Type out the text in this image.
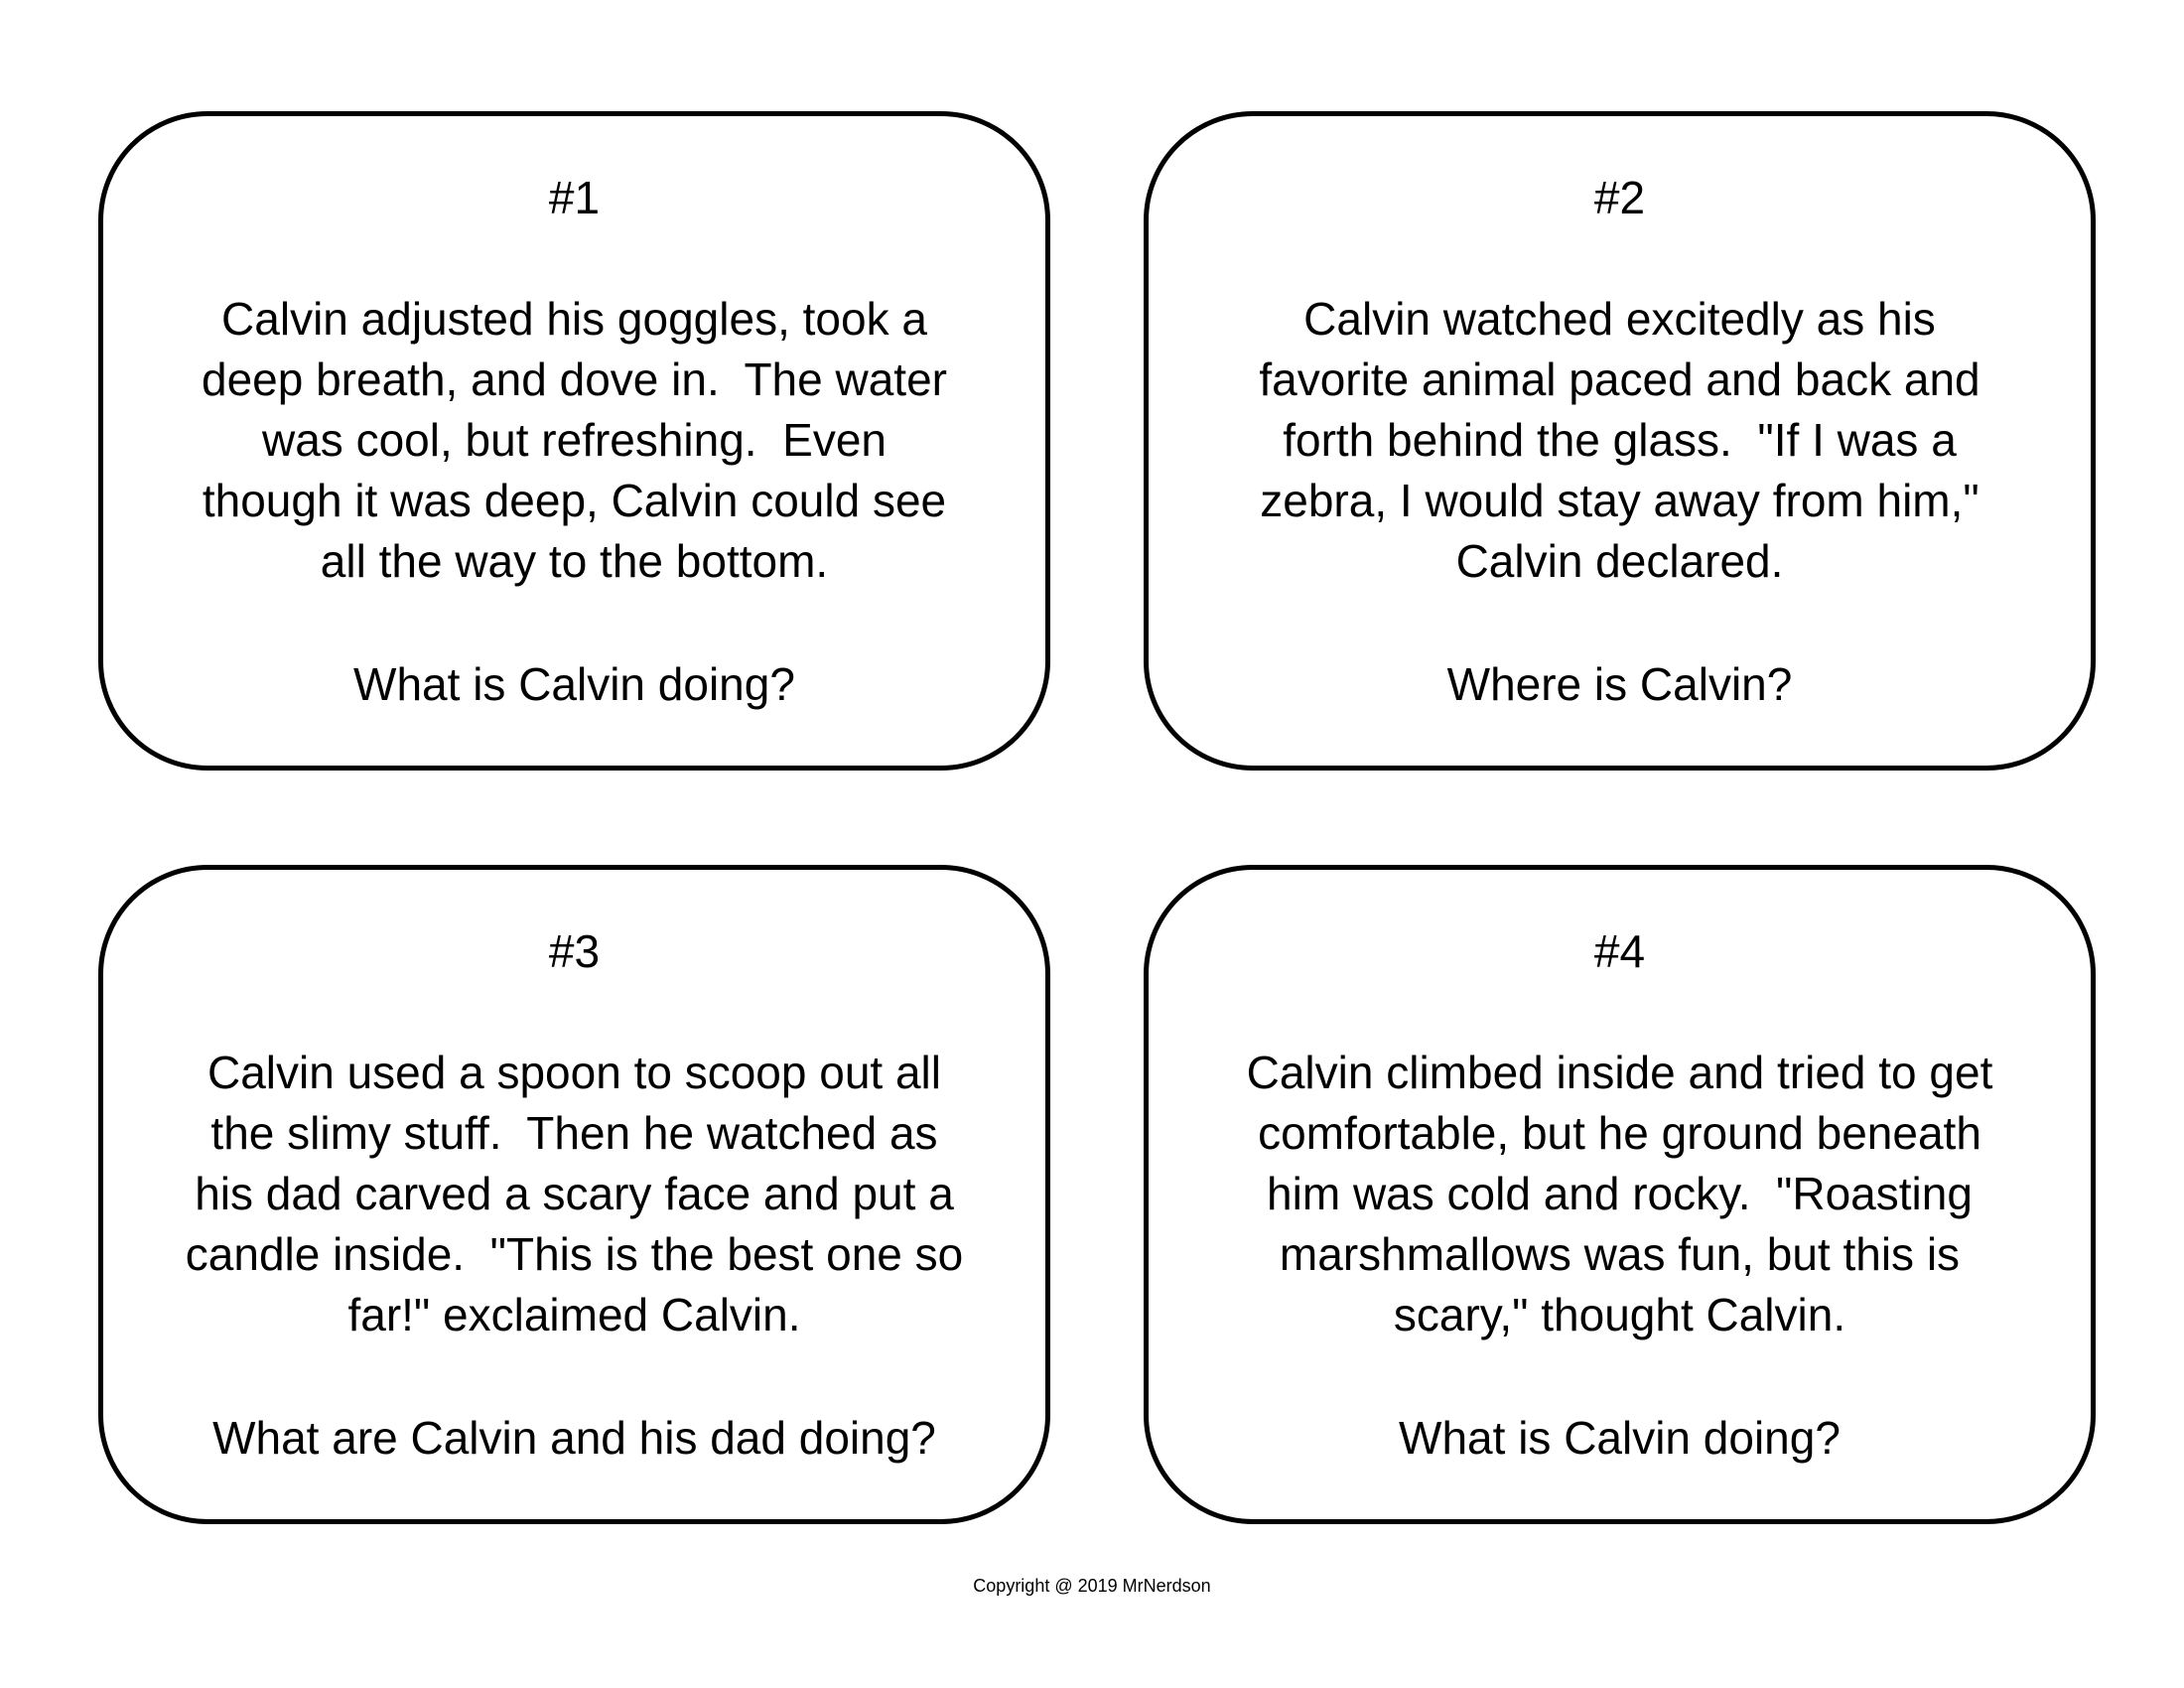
#1
Calvin adjusted his goggles, took a
deep breath, and dove in.  The water
was cool, but refreshing.  Even
though it was deep, Calvin could see
all the way to the bottom.
What is Calvin doing?
#2
Calvin watched excitedly as his
favorite animal paced and back and
forth behind the glass.  "If I was a
zebra, I would stay away from him,"
Calvin declared.
Where is Calvin?
#3
Calvin used a spoon to scoop out all
the slimy stuff.  Then he watched as
his dad carved a scary face and put a
candle inside.  "This is the best one so
far!" exclaimed Calvin.
What are Calvin and his dad doing?
#4
Calvin climbed inside and tried to get
comfortable, but he ground beneath
him was cold and rocky.  "Roasting
marshmallows was fun, but this is
scary," thought Calvin.
What is Calvin doing?
Copyright @ 2019 MrNerdson
